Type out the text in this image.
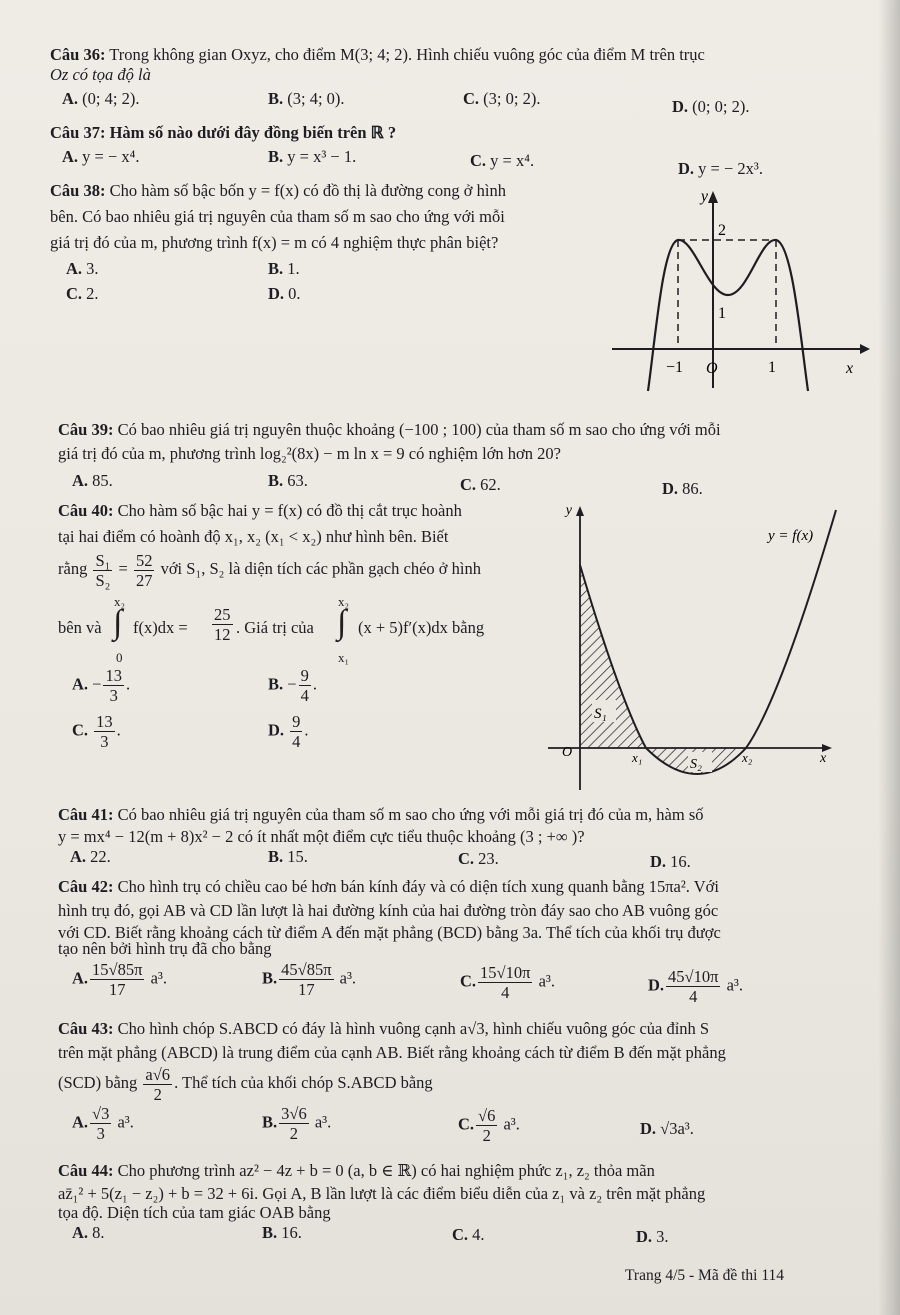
Câu 36: Trong không gian Oxyz, cho điểm M(3; 4; 2). Hình chiếu vuông góc của điểm M trên trục
Oz có tọa độ là
A. (0; 4; 2).	B. (3; 4; 0).	C. (3; 0; 2).	D. (0; 0; 2).
Câu 37: Hàm số nào dưới đây đồng biến trên ℝ ?
A. y = − x⁴.	B. y = x³ − 1.	C. y = x⁴.	D. y = − 2x³.
Câu 38: Cho hàm số bậc bốn y = f(x) có đồ thị là đường cong ở hình
bên. Có bao nhiêu giá trị nguyên của tham số m sao cho ứng với mỗi
giá trị đó của m, phương trình f(x) = m có 4 nghiệm thực phân biệt?
A. 3.	B. 1.
C. 2.	D. 0.
y
x
2
1
−1 O	1
Câu 39: Có bao nhiêu giá trị nguyên thuộc khoảng (−100 ; 100) của tham số m sao cho ứng với mỗi
giá trị đó của m, phương trình log₂²(8x) − m ln x = 9 có nghiệm lớn hơn 20?
A. 85.	B. 63.	C. 62.	D. 86.
Câu 40: Cho hàm số bậc hai y = f(x) có đồ thị cắt trục hoành
tại hai điểm có hoành độ x₁, x₂ (x₁ < x₂) như hình bên. Biết
rằng $\frac{\text{S₁}}{\text{S₂}} = \frac{52}{27}$ với S₁, S₂ là diện tích các phần gạch chéo ở hình
bên và
x₂
∫
0
$f(x)dx = \frac{25}{12}$ . Giá trị của
x₂
∫
x₁
(x + 5)f′(x)dx bằng
A. − $\frac{13}{3}$ .	B. − $\frac{9}{4}$ .
C. $\frac{13}{3}$ .	D. $\frac{9}{4}$ .
S₁
S₂
y
y = f(x)
O	x₁	x₂	x
Câu 41: Có bao nhiêu giá trị nguyên của tham số m sao cho ứng với mỗi giá trị đó của m, hàm số
y = mx⁴ − 12(m + 8)x² − 2 có ít nhất một điểm cực tiểu thuộc khoảng (3 ; +∞ )?
A. 22.	B. 15.	C. 23.	D. 16.
Câu 42: Cho hình trụ có chiều cao bé hơn bán kính đáy và có diện tích xung quanh bằng 15πa². Với
hình trụ đó, gọi AB và CD lần lượt là hai đường kính của hai đường tròn đáy sao cho AB vuông góc
với CD. Biết rằng khoảng cách từ điểm A đến mặt phẳng (BCD) bằng 3a. Thể tích của khối trụ được
tạo nên bởi hình trụ đã cho bằng
A. $\frac{15√85\pi}{17} a^3$.	B. $\frac{45√85\pi}{17} a^3$.	C. $\frac{15√10\pi}{4} a^3$.	D. $\frac{45√10\pi}{4} a^3$.
Câu 43: Cho hình chóp S.ABCD có đáy là hình vuông cạnh a√3, hình chiếu vuông góc của đỉnh S
trên mặt phẳng (ABCD) là trung điểm của cạnh AB. Biết rằng khoảng cách từ điểm B đến mặt phẳng
(SCD) bằng $\frac{a√6}{2}$ . Thể tích của khối chóp S.ABCD bằng
A. $\frac{√3}{3} a^3$.	B. $\frac{3√6}{2} a^3$.	C. $\frac{√6}{2} a^3$.	D. √3a³.
Câu 44: Cho phương trình az² − 4z + b = 0 (a, b ∈ ℝ) có hai nghiệm phức z₁, z₂ thỏa mãn
az̄₁² + 5(z₁ − z₂) + b = 32 + 6i. Gọi A, B lần lượt là các điểm biểu diễn của z₁ và z₂ trên mặt phẳng
tọa độ. Diện tích của tam giác OAB bằng
A. 8.	B. 16.	C. 4.	D. 3.
Trang 4/5 - Mã đề thi 114
